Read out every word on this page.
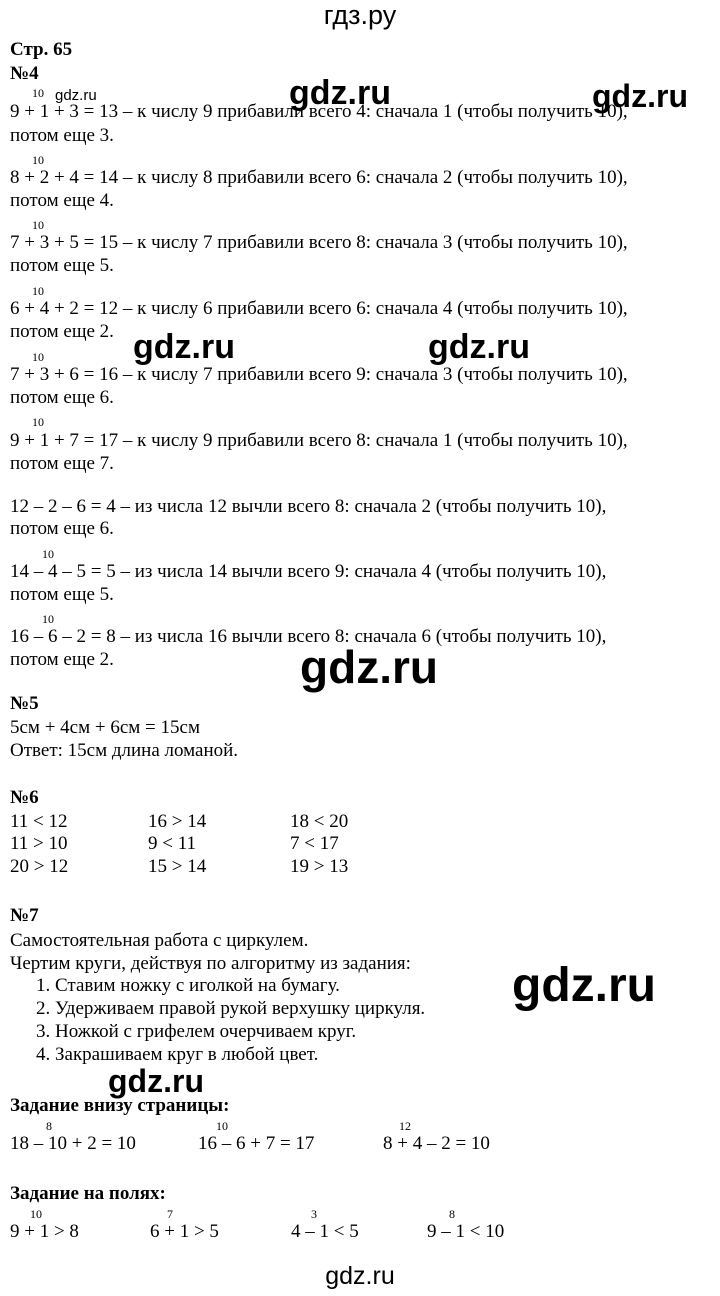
гдз.ру
gdz.ru
gdz.ru	gdz.ru
gdz.ru	gdz.ru
gdz.ru
gdz.ru
gdz.ru
gdz.ru
Стр. 65
№4
10
9 + 1 + 3 = 13 – к числу 9 прибавили всего 4: сначала 1 (чтобы получить 10),
потом еще 3.
10
8 + 2 + 4 = 14 – к числу 8 прибавили всего 6: сначала 2 (чтобы получить 10),
потом еще 4.
10
7 + 3 + 5 = 15 – к числу 7 прибавили всего 8: сначала 3 (чтобы получить 10),
потом еще 5.
10
6 + 4 + 2 = 12 – к числу 6 прибавили всего 6: сначала 4 (чтобы получить 10),
потом еще 2.
10
7 + 3 + 6 = 16 – к числу 7 прибавили всего 9: сначала 3 (чтобы получить 10),
потом еще 6.
10
9 + 1 + 7 = 17 – к числу 9 прибавили всего 8: сначала 1 (чтобы получить 10),
потом еще 7.
12 – 2 – 6 = 4 – из числа 12 вычли всего 8: сначала 2 (чтобы получить 10),
потом еще 6.
10
14 – 4 – 5 = 5 – из числа 14 вычли всего 9: сначала 4 (чтобы получить 10),
потом еще 5.
10
16 – 6 – 2 = 8 – из числа 16 вычли всего 8: сначала 6 (чтобы получить 10),
потом еще 2.
№5
5см + 4см + 6см = 15см
Ответ: 15см длина ломаной.
№6
11 < 12	16 > 14	18 < 20
11 > 10	9 < 11	7 < 17
20 > 12	15 > 14	19 > 13
№7
Самостоятельная работа с циркулем.
Чертим круги, действуя по алгоритму из задания:
1. Ставим ножку с иголкой на бумагу.
2. Удерживаем правой рукой верхушку циркуля.
3. Ножкой с грифелем очерчиваем круг.
4. Закрашиваем круг в любой цвет.
Задание внизу страницы:
8
18 – 10 + 2 = 10
10
16 – 6 + 7 = 17
12
8 + 4 – 2 = 10
Задание на полях:
10
9 + 1 > 8
7
6 + 1 > 5
3
4 – 1 < 5
8
9 – 1 < 10
